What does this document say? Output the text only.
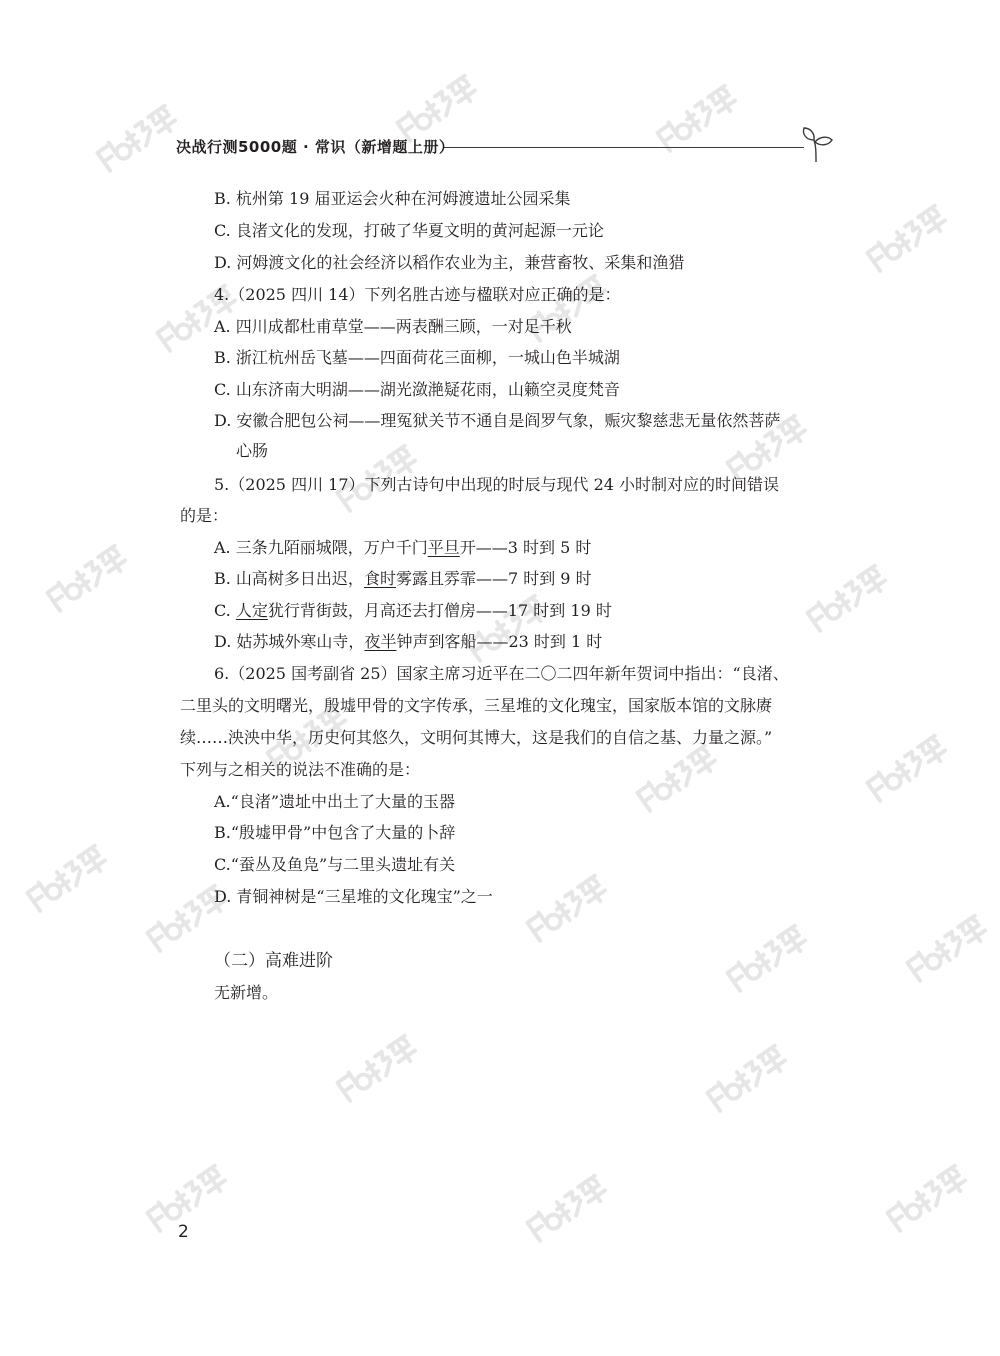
决战行测5000题 · 常识（新增题上册）
B. 杭州第 19 届亚运会火种在河姆渡遗址公园采集
C. 良渚文化的发现，打破了华夏文明的黄河起源一元论
D. 河姆渡文化的社会经济以稻作农业为主，兼营畜牧、采集和渔猎
4.（2025 四川 14）下列名胜古迹与楹联对应正确的是：
A. 四川成都杜甫草堂——两表酬三顾，一对足千秋
B. 浙江杭州岳飞墓——四面荷花三面柳，一城山色半城湖
C. 山东济南大明湖——湖光潋滟疑花雨，山籁空灵度梵音
D. 安徽合肥包公祠——理冤狱关节不通自是阎罗气象，赈灾黎慈悲无量依然菩萨
心肠
5.（2025 四川 17）下列古诗句中出现的时辰与现代 24 小时制对应的时间错误
的是：
A. 三条九陌丽城隈，万户千门平旦开——3 时到 5 时
B. 山高树多日出迟，食时雾露且雰霏——7 时到 9 时
C. 人定犹行背街鼓，月高还去打僧房——17 时到 19 时
D. 姑苏城外寒山寺，夜半钟声到客船——23 时到 1 时
6.（2025 国考副省 25）国家主席习近平在二〇二四年新年贺词中指出：“良渚、
二里头的文明曙光，殷墟甲骨的文字传承，三星堆的文化瑰宝，国家版本馆的文脉赓
续……泱泱中华，历史何其悠久，文明何其博大，这是我们的自信之基、力量之源。”
下列与之相关的说法不准确的是：
A.“良渚”遗址中出土了大量的玉器
B.“殷墟甲骨”中包含了大量的卜辞
C.“蚕丛及鱼凫”与二里头遗址有关
D. 青铜神树是“三星堆的文化瑰宝”之一
（二）高难进阶
无新增。
2
